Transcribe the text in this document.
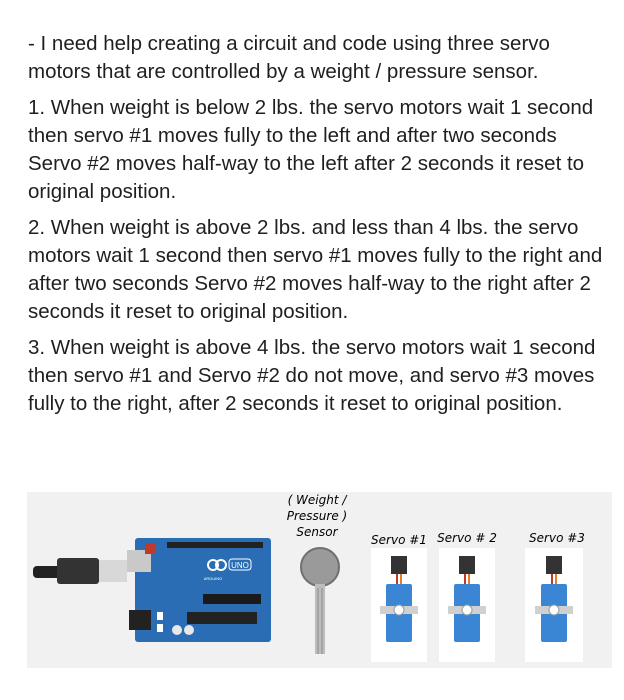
- I need help creating a circuit and code using three servo motors that are controlled by a weight / pressure sensor.

1. When weight is below 2 lbs. the servo motors wait 1 second then servo #1 moves fully to the left and after two seconds Servo #2 moves half-way to the left after 2 seconds it reset to original position.

2. When weight is above 2 lbs. and less than 4 lbs. the servo motors wait 1 second then servo #1 moves fully to the right and after two seconds Servo #2 moves half-way to the right after 2 seconds it reset to original position.

3. When weight is above 4 lbs. the servo motors wait 1 second then servo #1 and Servo #2 do not move, and servo #3 moves fully to the right, after 2 seconds it reset to original position.

UNO
ARDUINO
( Weight /
Pressure )
Sensor
Servo #1 Servo # 2	Servo #3
